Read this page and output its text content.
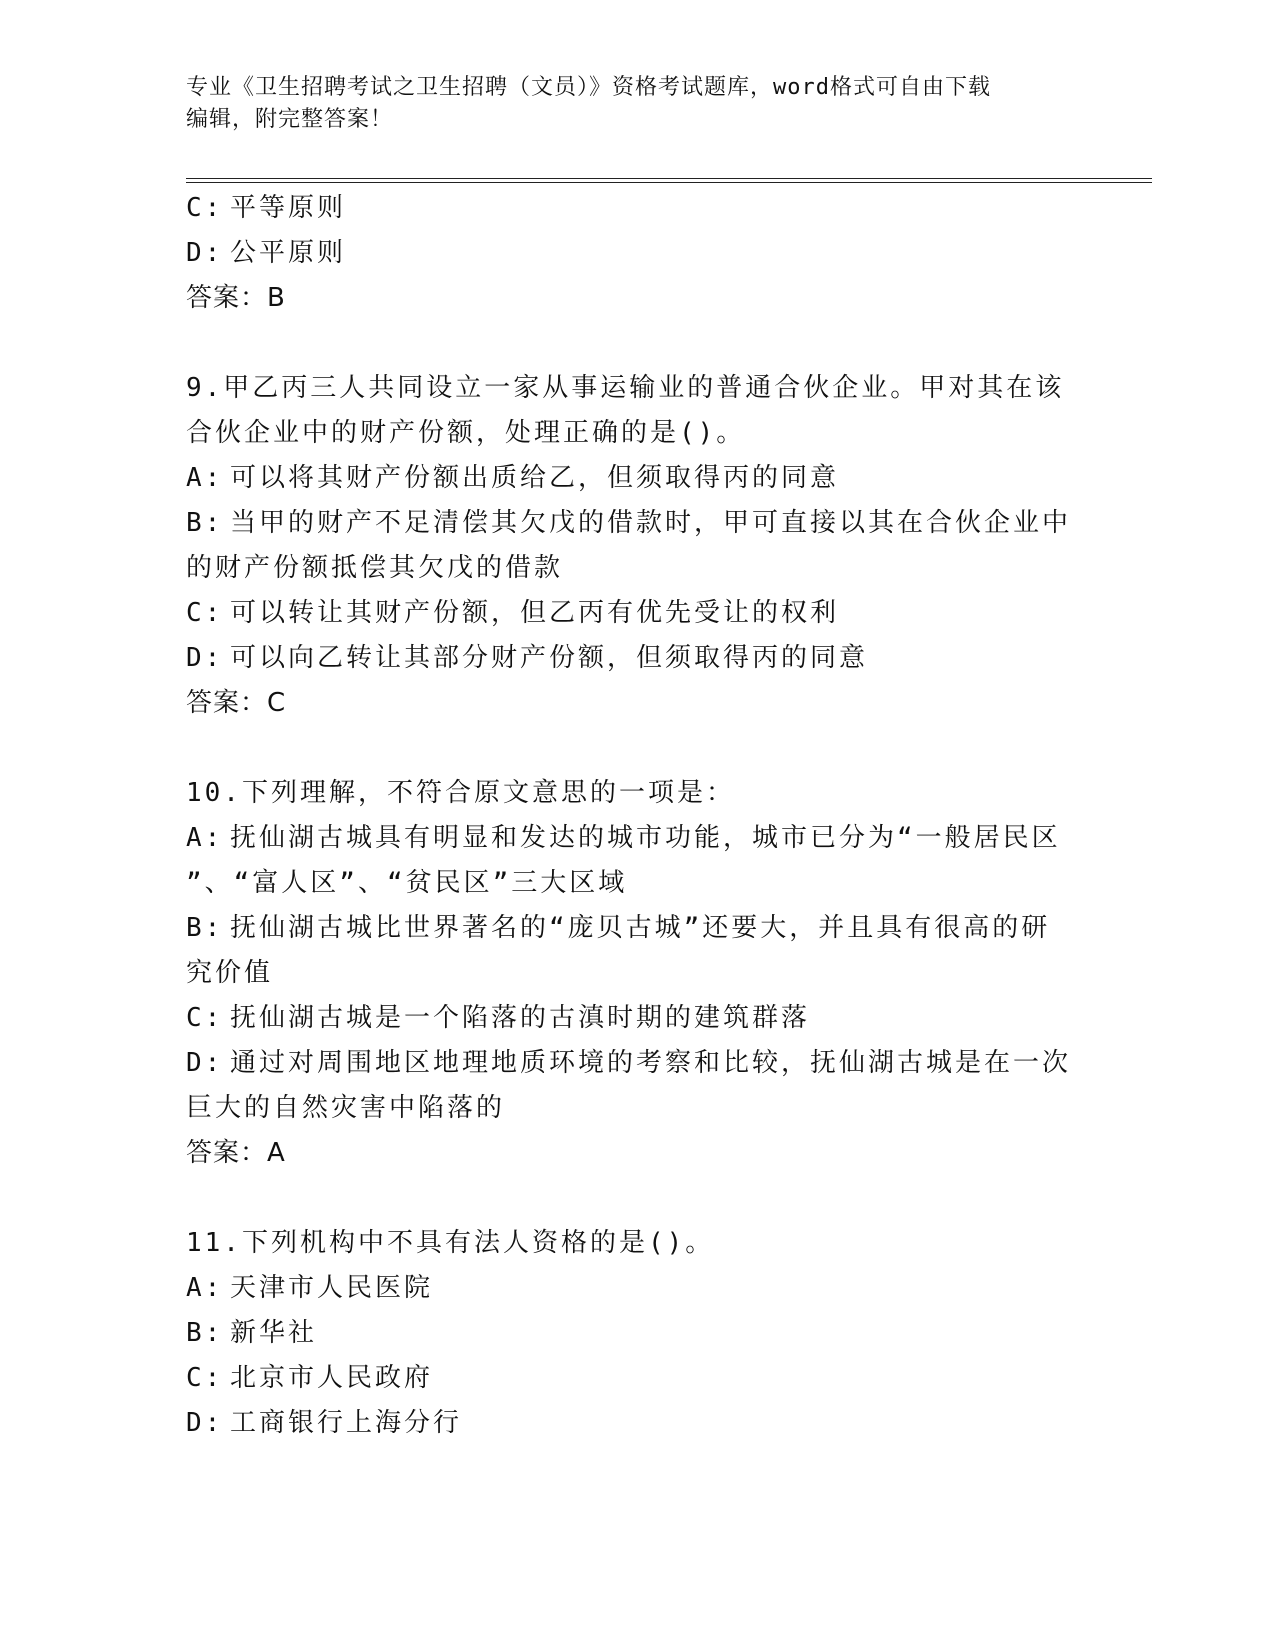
专业《卫生招聘考试之卫生招聘（文员）》资格考试题库，word格式可自由下载
编辑，附完整答案！
C: 平等原则
D: 公平原则
答案：B
9.甲乙丙三人共同设立一家从事运输业的普通合伙企业。甲对其在该
合伙企业中的财产份额，处理正确的是()。
A: 可以将其财产份额出质给乙，但须取得丙的同意
B: 当甲的财产不足清偿其欠戊的借款时，甲可直接以其在合伙企业中
的财产份额抵偿其欠戊的借款
C: 可以转让其财产份额，但乙丙有优先受让的权利
D: 可以向乙转让其部分财产份额，但须取得丙的同意
答案：C
10.下列理解，不符合原文意思的一项是：
A: 抚仙湖古城具有明显和发达的城市功能，城市已分为“一般居民区
”、“富人区”、“贫民区”三大区域
B: 抚仙湖古城比世界著名的“庞贝古城”还要大，并且具有很高的研
究价值
C: 抚仙湖古城是一个陷落的古滇时期的建筑群落
D: 通过对周围地区地理地质环境的考察和比较，抚仙湖古城是在一次
巨大的自然灾害中陷落的
答案：A
11.下列机构中不具有法人资格的是()。
A: 天津市人民医院
B: 新华社
C: 北京市人民政府
D: 工商银行上海分行
